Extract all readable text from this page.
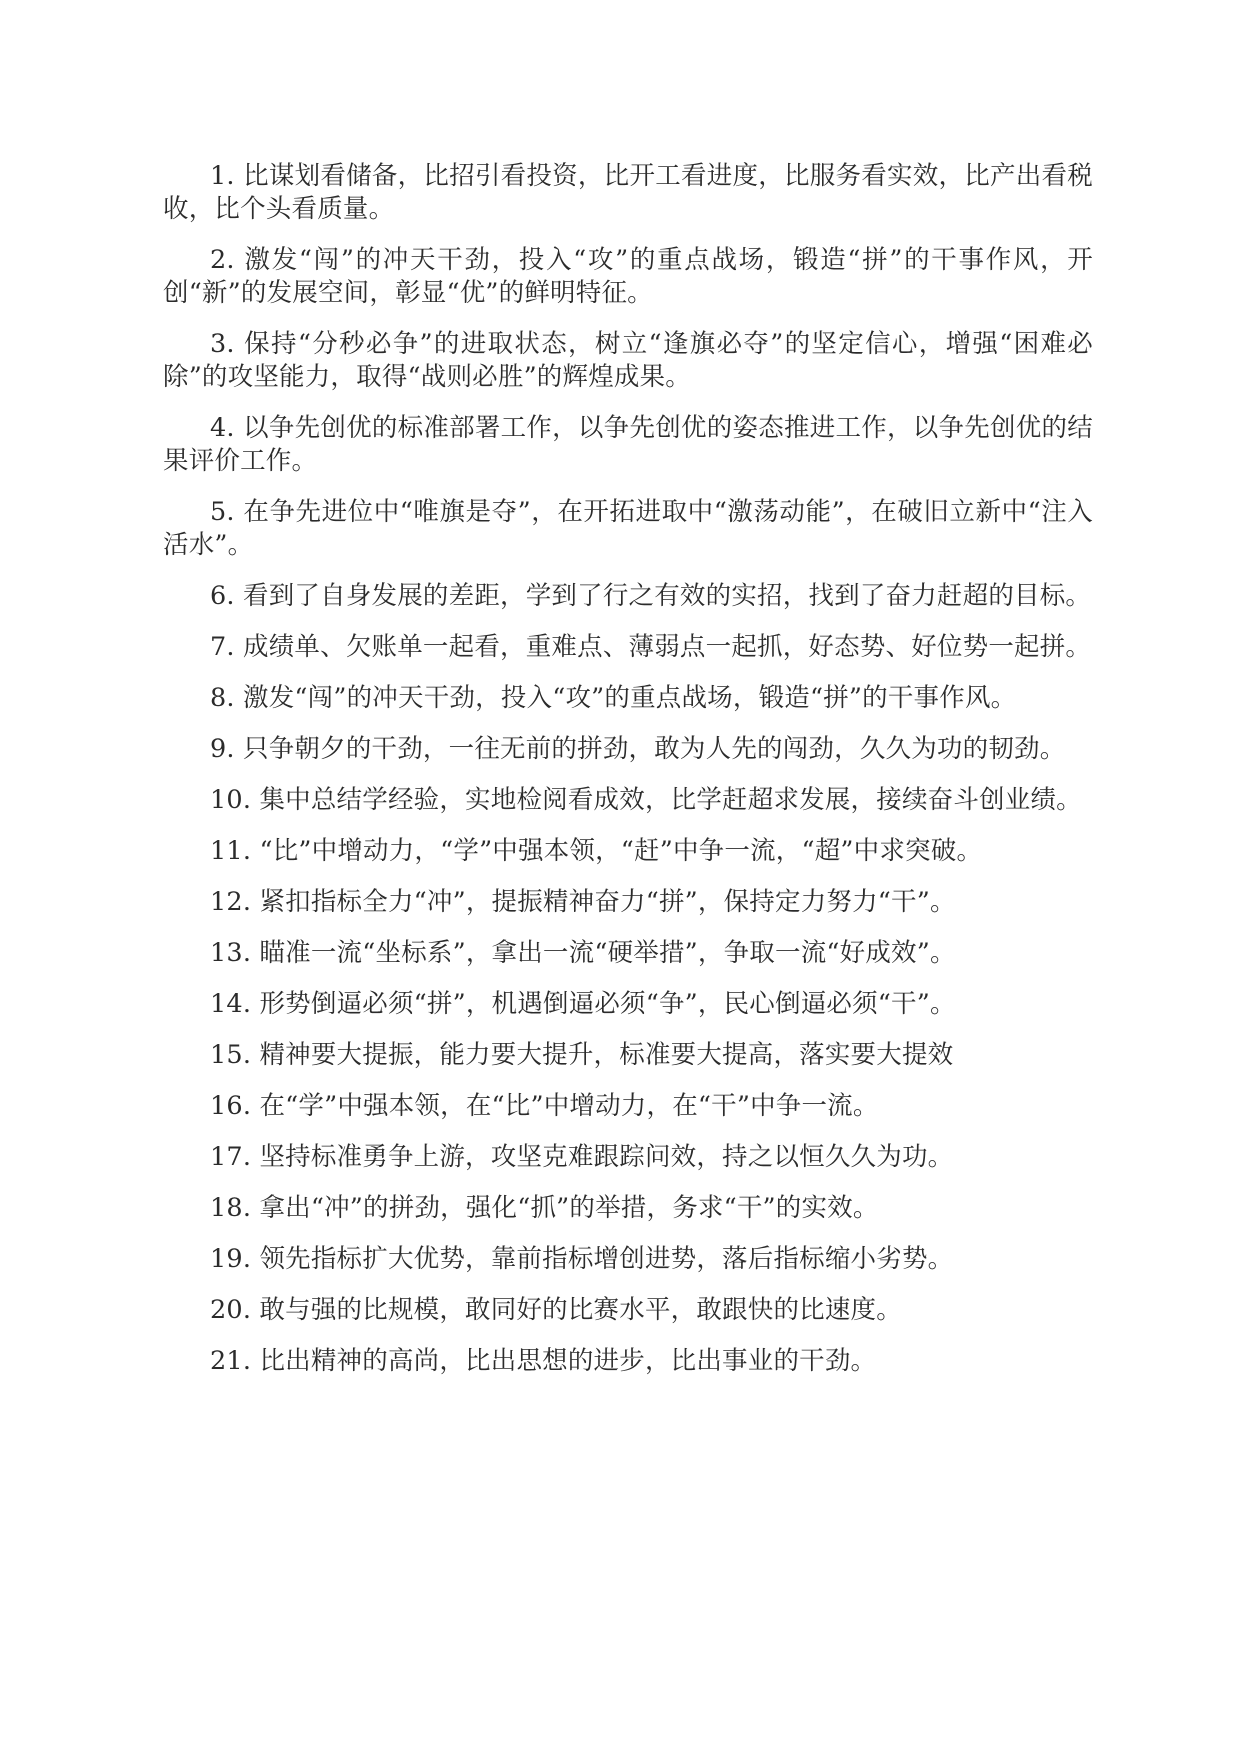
1. 比谋划看储备，比招引看投资，比开工看进度，比服务看实效，比产出看税收，比个头看质量。

2. 激发“闯”的冲天干劲，投入“攻”的重点战场，锻造“拼”的干事作风，开创“新”的发展空间，彰显“优”的鲜明特征。

3. 保持“分秒必争”的进取状态，树立“逢旗必夺”的坚定信心，增强“困难必除”的攻坚能力，取得“战则必胜”的辉煌成果。

4. 以争先创优的标准部署工作，以争先创优的姿态推进工作，以争先创优的结果评价工作。

5. 在争先进位中“唯旗是夺”，在开拓进取中“激荡动能”，在破旧立新中“注入活水”。

6. 看到了自身发展的差距，学到了行之有效的实招，找到了奋力赶超的目标。

7. 成绩单、欠账单一起看，重难点、薄弱点一起抓，好态势、好位势一起拼。

8. 激发“闯”的冲天干劲，投入“攻”的重点战场，锻造“拼”的干事作风。

9. 只争朝夕的干劲，一往无前的拼劲，敢为人先的闯劲，久久为功的韧劲。

10. 集中总结学经验，实地检阅看成效，比学赶超求发展，接续奋斗创业绩。

11. “比”中增动力，“学”中强本领，“赶”中争一流，“超”中求突破。

12. 紧扣指标全力“冲”，提振精神奋力“拼”，保持定力努力“干”。

13. 瞄准一流“坐标系”，拿出一流“硬举措”，争取一流“好成效”。

14. 形势倒逼必须“拼”，机遇倒逼必须“争”，民心倒逼必须“干”。

15. 精神要大提振，能力要大提升，标准要大提高，落实要大提效

16. 在“学”中强本领，在“比”中增动力，在“干”中争一流。

17. 坚持标准勇争上游，攻坚克难跟踪问效，持之以恒久久为功。

18. 拿出“冲”的拼劲，强化“抓”的举措，务求“干”的实效。

19. 领先指标扩大优势，靠前指标增创进势，落后指标缩小劣势。

20. 敢与强的比规模，敢同好的比赛水平，敢跟快的比速度。

21. 比出精神的高尚，比出思想的进步，比出事业的干劲。
